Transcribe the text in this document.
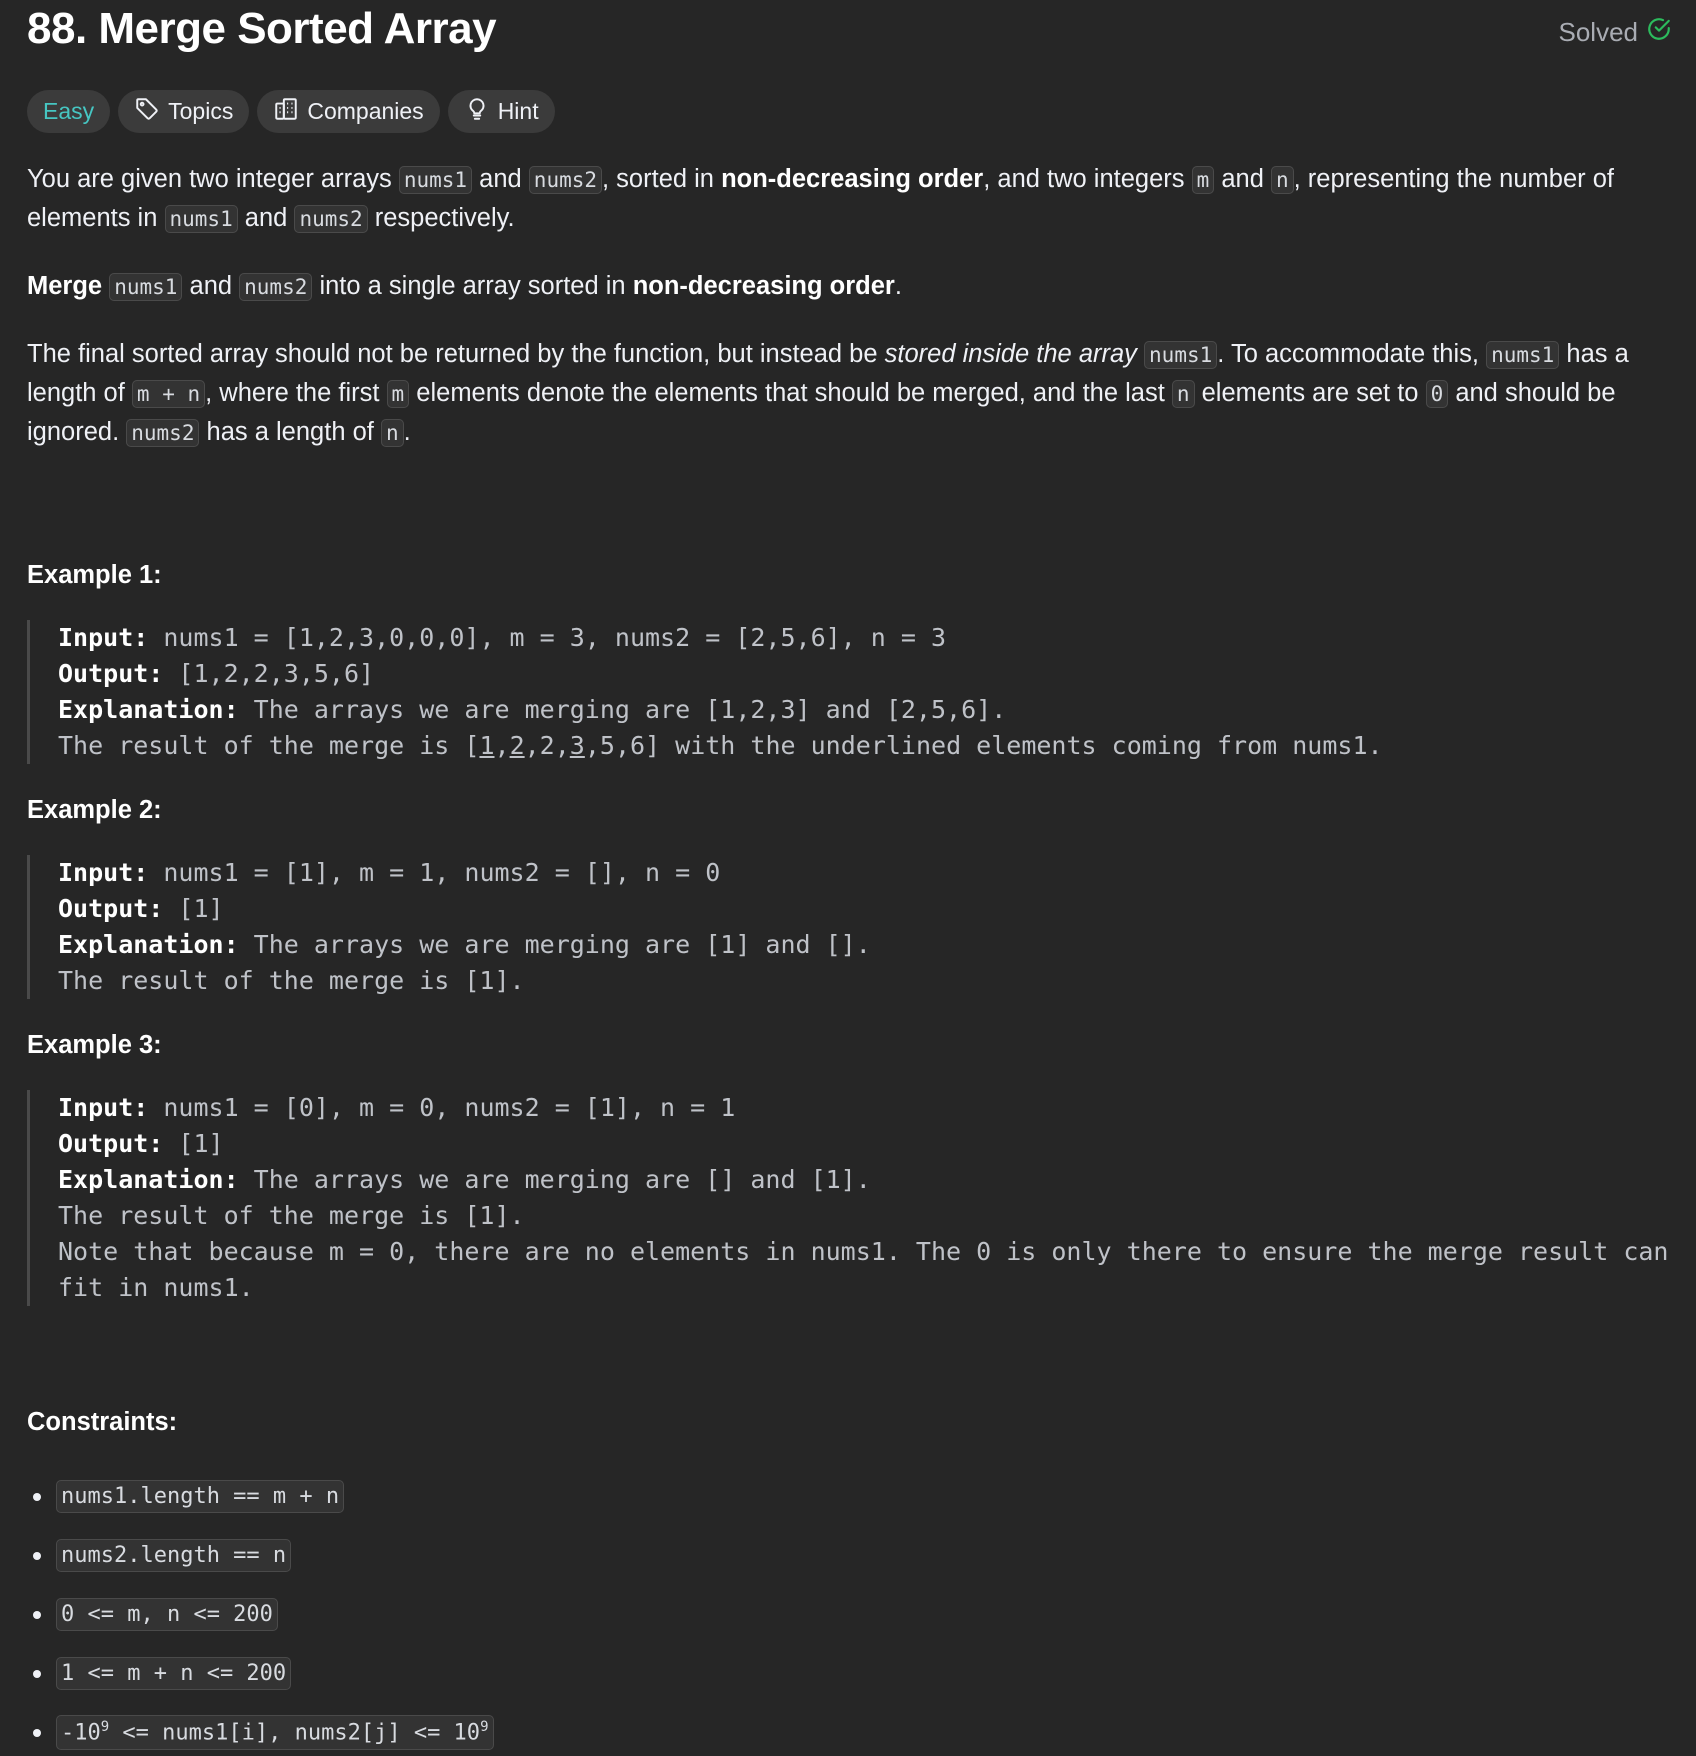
88. Merge Sorted Array	Solved
Easy	Topics	Companies	Hint

You are given two integer arrays nums1 and nums2 , sorted in non-decreasing order, and two integers m and n , representing the number of elements in nums1 and nums2 respectively.

Merge nums1 and nums2 into a single array sorted in non-decreasing order.

The final sorted array should not be returned by the function, but instead be stored inside the array nums1 . To accommodate this, nums1 has a length of m + n , where the first m elements denote the elements that should be merged, and the last n elements are set to 0 and should be ignored. nums2 has a length of n .

Example 1:
Input: nums1 = [1,2,3,0,0,0], m = 3, nums2 = [2,5,6], n = 3
Output: [1,2,2,3,5,6]
Explanation: The arrays we are merging are [1,2,3] and [2,5,6].
The result of the merge is [1,2,2,3,5,6] with the underlined elements coming from nums1.
Example 2:
Input: nums1 = [1], m = 1, nums2 = [], n = 0
Output: [1]
Explanation: The arrays we are merging are [1] and [].
The result of the merge is [1].
Example 3:
Input: nums1 = [0], m = 0, nums2 = [1], n = 1
Output: [1]
Explanation: The arrays we are merging are [] and [1].
The result of the merge is [1].
Note that because m = 0, there are no elements in nums1. The 0 is only there to ensure the merge result can fit in nums1.
Constraints:
nums1.length == m + n
nums2.length == n
0 <= m, n <= 200
1 <= m + n <= 200
$-10^9$ <= nums1[i], nums2[j] <= $10^9$
